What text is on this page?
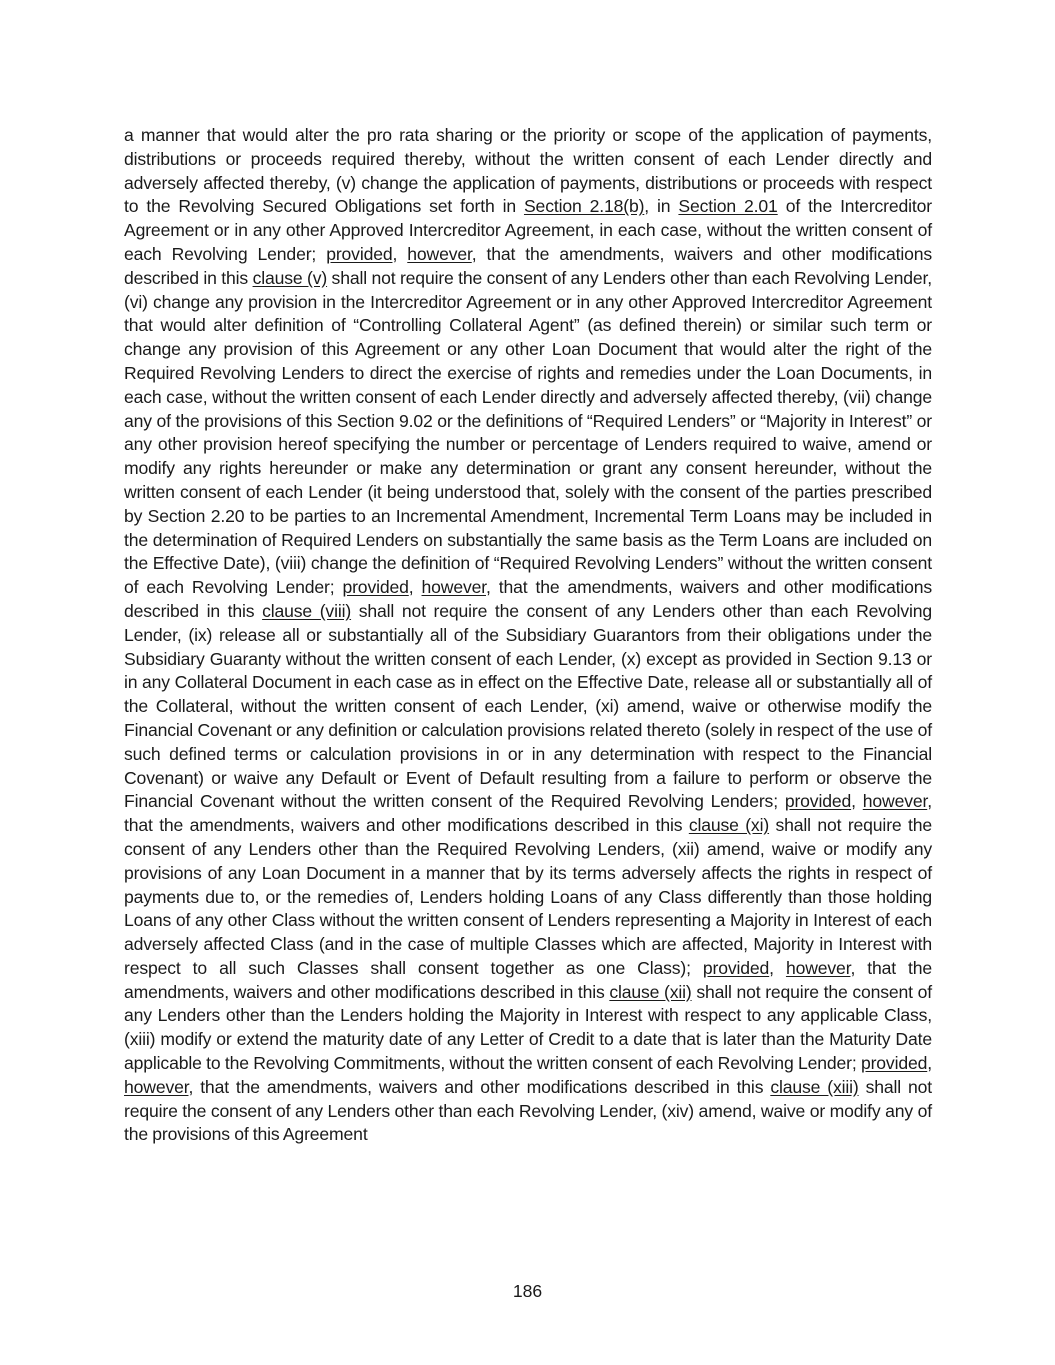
a manner that would alter the pro rata sharing or the priority or scope of the application of payments, distributions or proceeds required thereby, without the written consent of each Lender directly and adversely affected thereby, (v) change the application of payments, distributions or proceeds with respect to the Revolving Secured Obligations set forth in Section 2.18(b), in Section 2.01 of the Intercreditor Agreement or in any other Approved Intercreditor Agreement, in each case, without the written consent of each Revolving Lender; provided, however, that the amendments, waivers and other modifications described in this clause (v) shall not require the consent of any Lenders other than each Revolving Lender, (vi) change any provision in the Intercreditor Agreement or in any other Approved Intercreditor Agreement that would alter definition of “Controlling Collateral Agent” (as defined therein) or similar such term or change any provision of this Agreement or any other Loan Document that would alter the right of the Required Revolving Lenders to direct the exercise of rights and remedies under the Loan Documents, in each case, without the written consent of each Lender directly and adversely affected thereby, (vii) change any of the provisions of this Section 9.02 or the definitions of “Required Lenders” or “Majority in Interest” or any other provision hereof specifying the number or percentage of Lenders required to waive, amend or modify any rights hereunder or make any determination or grant any consent hereunder, without the written consent of each Lender (it being understood that, solely with the consent of the parties prescribed by Section 2.20 to be parties to an Incremental Amendment, Incremental Term Loans may be included in the determination of Required Lenders on substantially the same basis as the Term Loans are included on the Effective Date), (viii) change the definition of “Required Revolving Lenders” without the written consent of each Revolving Lender; provided, however, that the amendments, waivers and other modifications described in this clause (viii) shall not require the consent of any Lenders other than each Revolving Lender, (ix) release all or substantially all of the Subsidiary Guarantors from their obligations under the Subsidiary Guaranty without the written consent of each Lender, (x) except as provided in Section 9.13 or in any Collateral Document in each case as in effect on the Effective Date, release all or substantially all of the Collateral, without the written consent of each Lender, (xi) amend, waive or otherwise modify the Financial Covenant or any definition or calculation provisions related thereto (solely in respect of the use of such defined terms or calculation provisions in or in any determination with respect to the Financial Covenant) or waive any Default or Event of Default resulting from a failure to perform or observe the Financial Covenant without the written consent of the Required Revolving Lenders; provided, however, that the amendments, waivers and other modifications described in this clause (xi) shall not require the consent of any Lenders other than the Required Revolving Lenders, (xii) amend, waive or modify any provisions of any Loan Document in a manner that by its terms adversely affects the rights in respect of payments due to, or the remedies of, Lenders holding Loans of any Class differently than those holding Loans of any other Class without the written consent of Lenders representing a Majority in Interest of each adversely affected Class (and in the case of multiple Classes which are affected, Majority in Interest with respect to all such Classes shall consent together as one Class); provided, however, that the amendments, waivers and other modifications described in this clause (xii) shall not require the consent of any Lenders other than the Lenders holding the Majority in Interest with respect to any applicable Class, (xiii) modify or extend the maturity date of any Letter of Credit to a date that is later than the Maturity Date applicable to the Revolving Commitments, without the written consent of each Revolving Lender; provided, however, that the amendments, waivers and other modifications described in this clause (xiii) shall not require the consent of any Lenders other than each Revolving Lender, (xiv) amend, waive or modify any of the provisions of this Agreement
186
